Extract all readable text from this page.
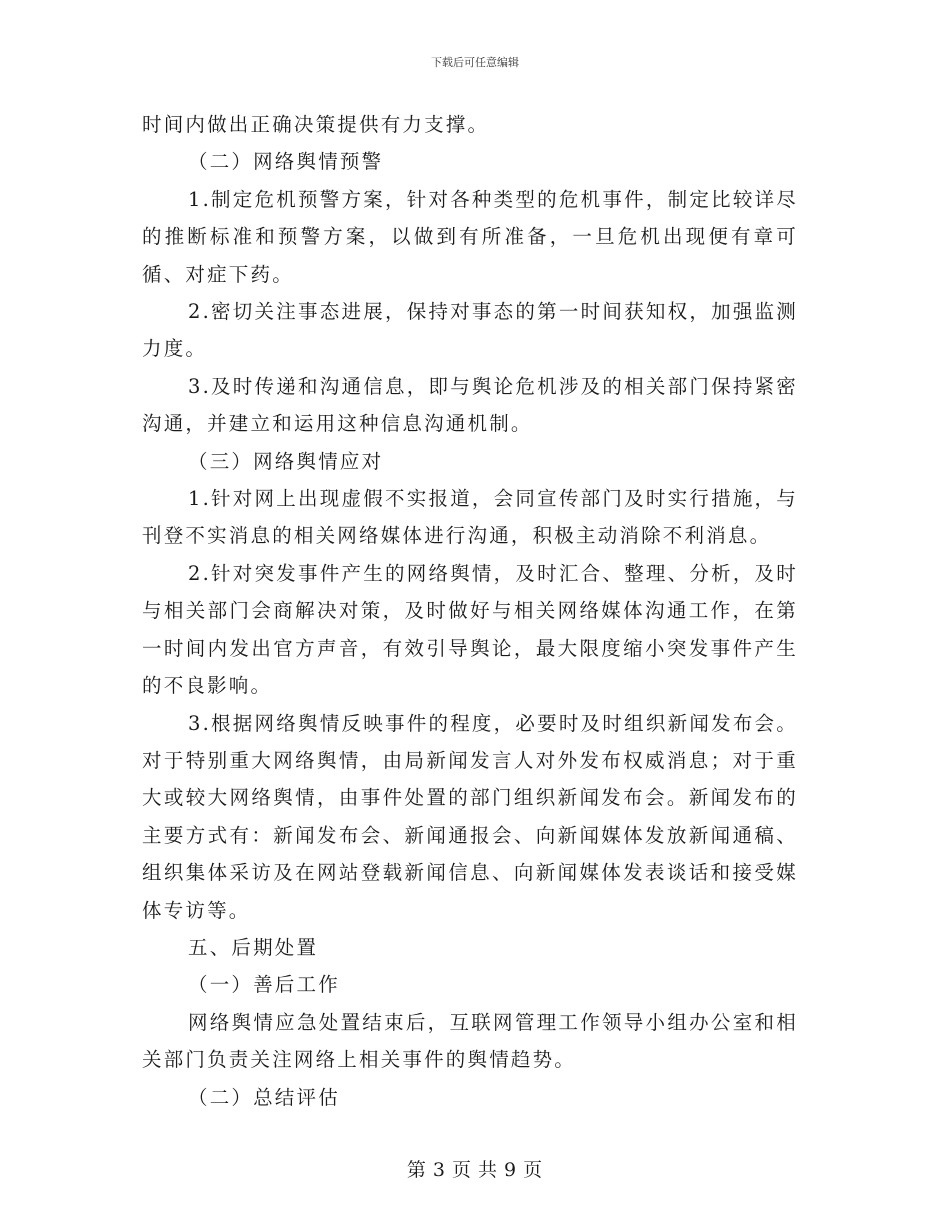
下载后可任意编辑

时间内做出正确决策提供有力支撑。

（二）网络舆情预警

1.制定危机预警方案，针对各种类型的危机事件，制定比较详尽的推断标准和预警方案，以做到有所准备，一旦危机出现便有章可循、对症下药。

2.密切关注事态进展，保持对事态的第一时间获知权，加强监测力度。

3.及时传递和沟通信息，即与舆论危机涉及的相关部门保持紧密沟通，并建立和运用这种信息沟通机制。

（三）网络舆情应对

1.针对网上出现虚假不实报道，会同宣传部门及时实行措施，与刊登不实消息的相关网络媒体进行沟通，积极主动消除不利消息。

2.针对突发事件产生的网络舆情，及时汇合、整理、分析，及时与相关部门会商解决对策，及时做好与相关网络媒体沟通工作，在第一时间内发出官方声音，有效引导舆论，最大限度缩小突发事件产生的不良影响。

3.根据网络舆情反映事件的程度，必要时及时组织新闻发布会。对于特别重大网络舆情，由局新闻发言人对外发布权威消息；对于重大或较大网络舆情，由事件处置的部门组织新闻发布会。新闻发布的主要方式有：新闻发布会、新闻通报会、向新闻媒体发放新闻通稿、组织集体采访及在网站登载新闻信息、向新闻媒体发表谈话和接受媒体专访等。

五、后期处置

（一）善后工作

网络舆情应急处置结束后，互联网管理工作领导小组办公室和相关部门负责关注网络上相关事件的舆情趋势。

（二）总结评估

第 3 页 共 9 页
